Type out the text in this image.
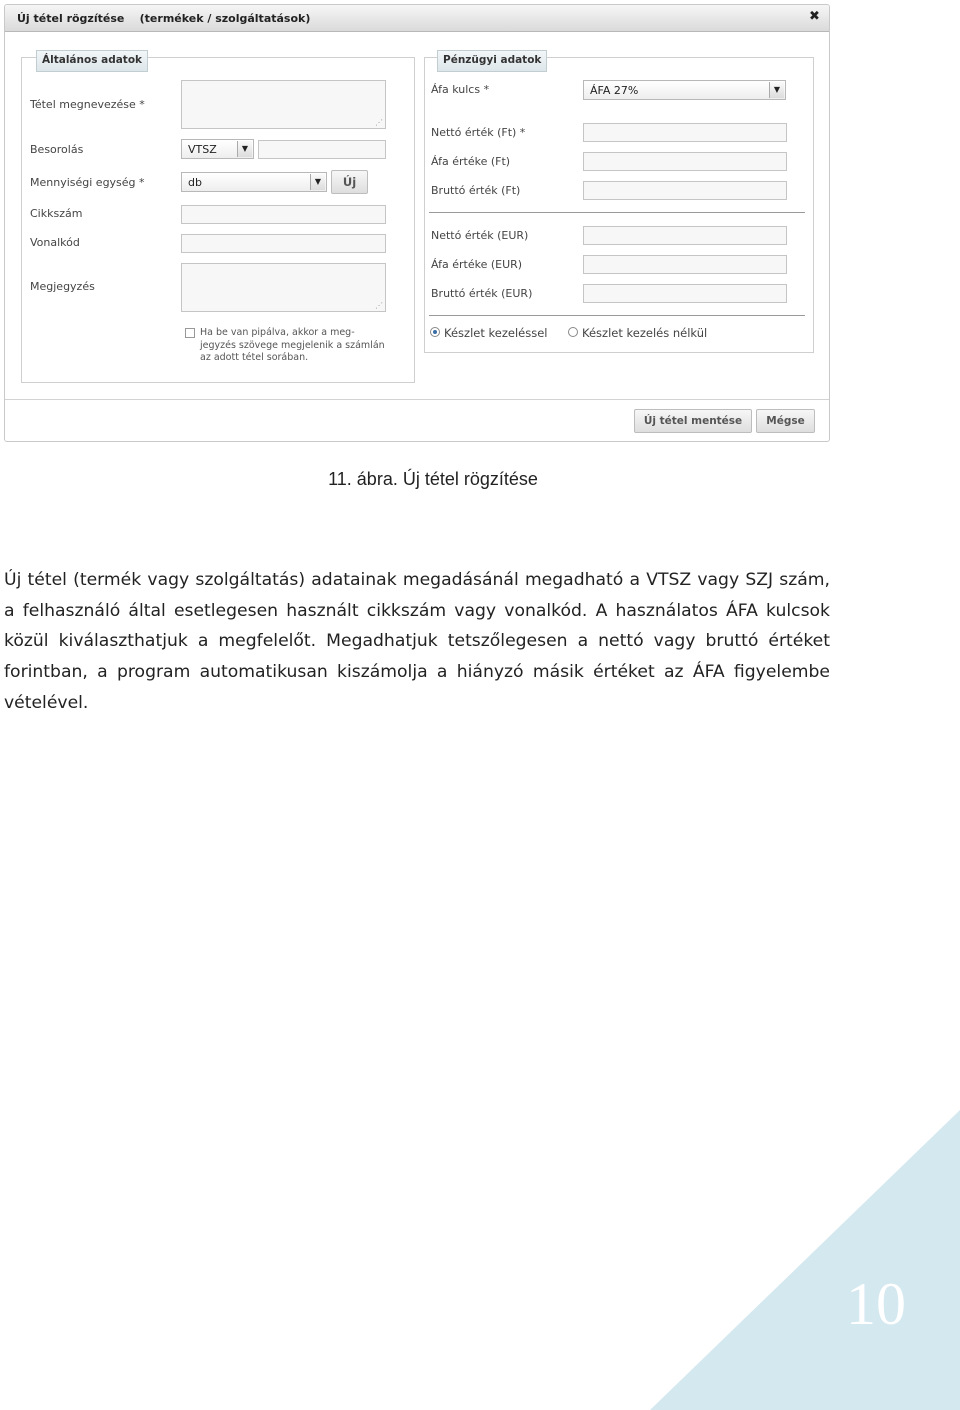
Új tétel rögzítése    (termékek / szolgáltatások)	✖
Általános adatok
Tétel megnevezése *
⋰
Besorolás	VTSZ	▼
Mennyiségi egység *	db	▼	Új
Cikkszám
Vonalkód
Megjegyzés
⋰
Ha be van pipálva, akkor a meg-
jegyzés szövege megjelenik a számlán
az adott tétel sorában.
Pénzügyi adatok
Áfa kulcs *	ÁFA 27%	▼
Nettó érték (Ft) *
Áfa értéke (Ft)
Bruttó érték (Ft)
Nettó érték (EUR)
Áfa értéke (EUR)
Bruttó érték (EUR)
Készlet kezeléssel	Készlet kezelés nélkül
Új tétel mentése	Mégse
11. ábra. Új tétel rögzítése
Új tétel (termék vagy szolgáltatás) adatainak megadásánál megadható a VTSZ vagy SZJ szám, a felhasználó által esetlegesen használt cikkszám vagy vonalkód. A használatos ÁFA kulcsok közül kiválaszthatjuk a megfelelőt. Megadhatjuk tetszőlegesen a nettó vagy bruttó értéket forintban, a program automatikusan kiszámolja a hiányzó másik értéket az ÁFA figyelembe vételével.
10
